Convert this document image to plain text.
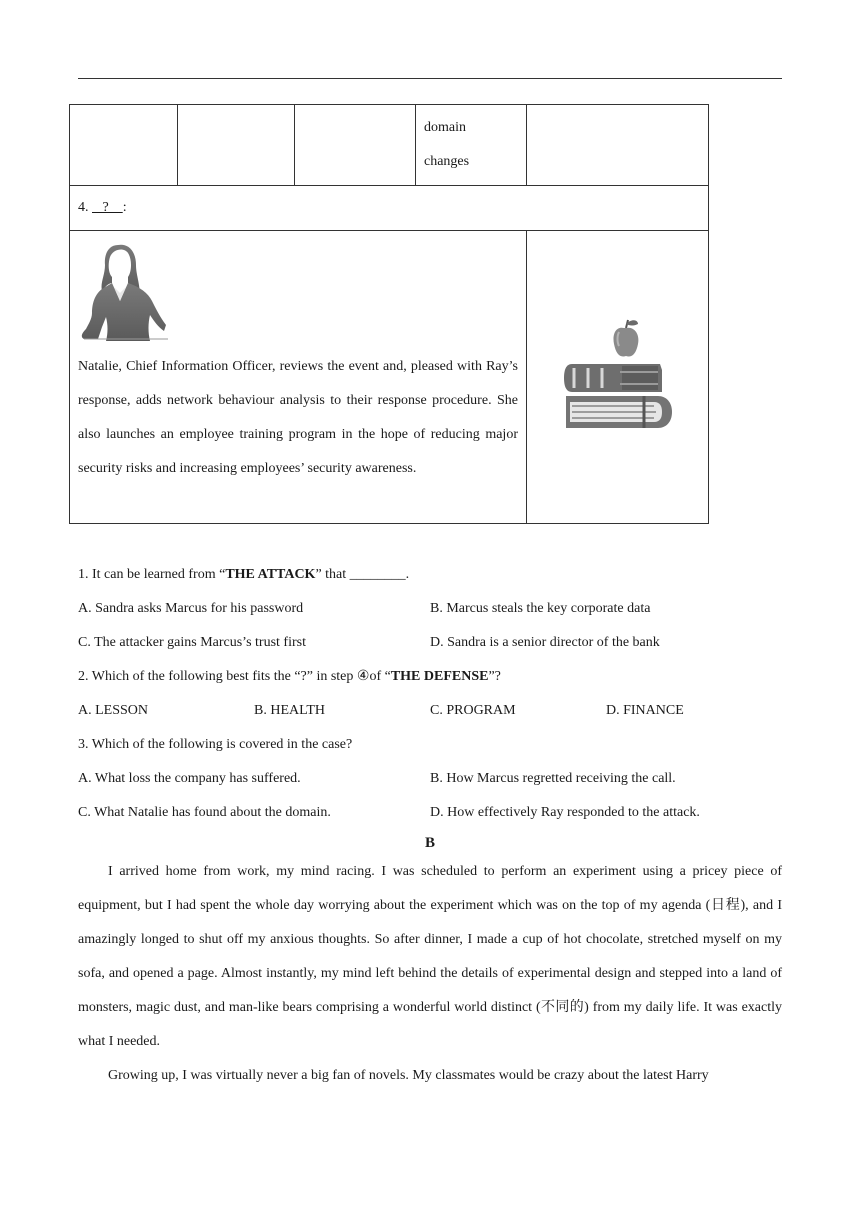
			domain
changes	

4.    ?    :				

Natalie, Chief Information Officer, reviews the event and, pleased with Ray’s response, adds network behaviour analysis to their response procedure. She also launches an employee training program in the hope of reducing major security risks and increasing employees’ security awareness.

1. It can be learned from “THE ATTACK” that ________.
A. Sandra asks Marcus for his password	B. Marcus steals the key corporate data
C. The attacker gains Marcus’s trust first	D. Sandra is a senior director of the bank
2. Which of the following best fits the “?” in step ④of “THE DEFENSE”?
A. LESSON	B. HEALTH	C. PROGRAM	D. FINANCE
3. Which of the following is covered in the case?
A. What loss the company has suffered.	B. How Marcus regretted receiving the call.
C. What Natalie has found about the domain.	D. How effectively Ray responded to the attack.
B

I arrived home from work, my mind racing. I was scheduled to perform an experiment using a pricey piece of equipment, but I had spent the whole day worrying about the experiment which was on the top of my agenda (日程), and I amazingly longed to shut off my anxious thoughts. So after dinner, I made a cup of hot chocolate, stretched myself on my sofa, and opened a page. Almost instantly, my mind left behind the details of experimental design and stepped into a land of monsters, magic dust, and man-like bears comprising a wonderful world distinct (不同的) from my daily life. It was exactly what I needed.

Growing up, I was virtually never a big fan of novels. My classmates would be crazy about the latest Harry
